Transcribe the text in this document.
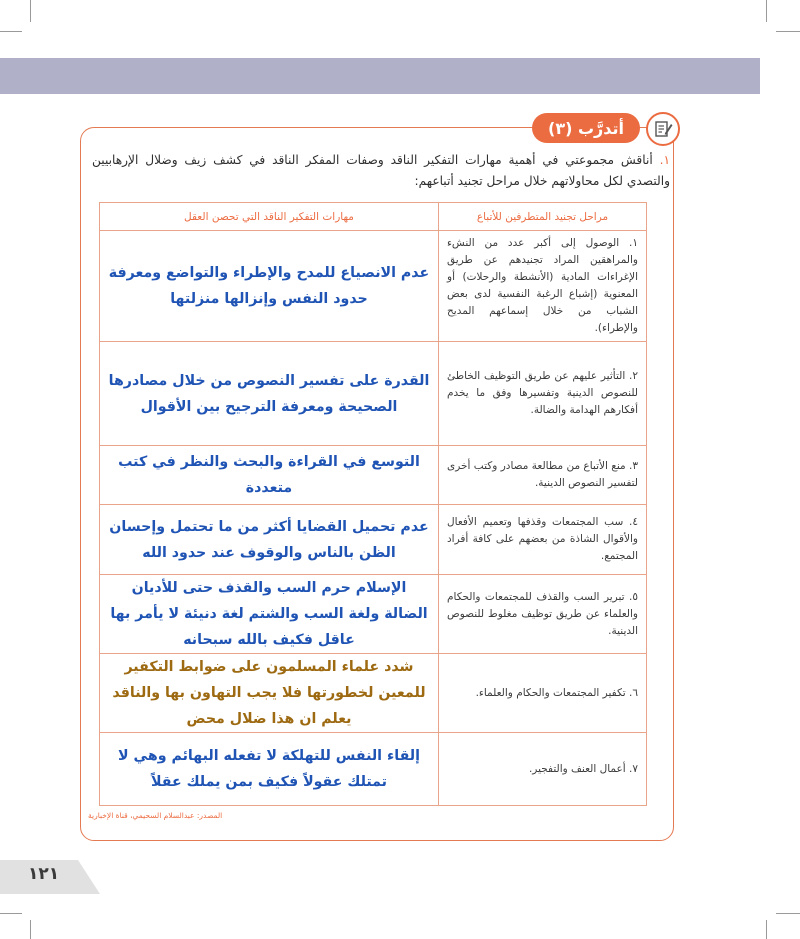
أتدرَّب (٣)
١. أناقش مجموعتي في أهمية مهارات التفكير الناقد وصفات المفكر الناقد في كشف زيف وضلال الإرهابيين والتصدي لكل محاولاتهم خلال مراحل تجنيد أتباعهم:
مراحل تجنيد المتطرفين للأتباع	مهارات التفكير الناقد التي تحصن العقل
١. الوصول إلى أكبر عدد من النشء والمراهقين المراد تجنيدهم عن طريق الإغراءات المادية (الأنشطة والرحلات) أو المعنوية (إشباع الرغبة النفسية لدى بعض الشباب من خلال إسماعهم المديح والإطراء).	عدم الانصياع للمدح والإطراء والتواضع ومعرفة حدود النفس وإنزالها منزلتها
٢. التأثير عليهم عن طريق التوظيف الخاطئ للنصوص الدينية وتفسيرها وفق ما يخدم أفكارهم الهدامة والضالة.	القدرة على تفسير النصوص من خلال مصادرها الصحيحة ومعرفة الترجيح بين الأقوال
٣. منع الأتباع من مطالعة مصادر وكتب أخرى لتفسير النصوص الدينية.	التوسع في القراءة والبحث والنظر في كتب متعددة
٤. سب المجتمعات وقذفها وتعميم الأفعال والأقوال الشاذة من بعضهم على كافة أفراد المجتمع.	عدم تحميل القضايا أكثر من ما تحتمل وإحسان الظن بالناس والوقوف عند حدود الله
٥. تبرير السب والقذف للمجتمعات والحكام والعلماء عن طريق توظيف مغلوط للنصوص الدينية.	الإسلام حرم السب والقذف حتى للأديان الضالة ولغة السب والشتم لغة دنيئة لا يأمر بها عاقل فكيف بالله سبحانه
٦. تكفير المجتمعات والحكام والعلماء.	شدد علماء المسلمون على ضوابط التكفير للمعين لخطورتها فلا يجب التهاون بها والناقد يعلم ان هذا ضلال محض
٧. أعمال العنف والتفجير.	إلقاء النفس للتهلكة لا تفعله البهائم وهي لا تمتلك عقولاً فكيف بمن يملك عقلاً
المصدر: عبدالسلام السحيمي، قناة الإخبارية
١٢١
